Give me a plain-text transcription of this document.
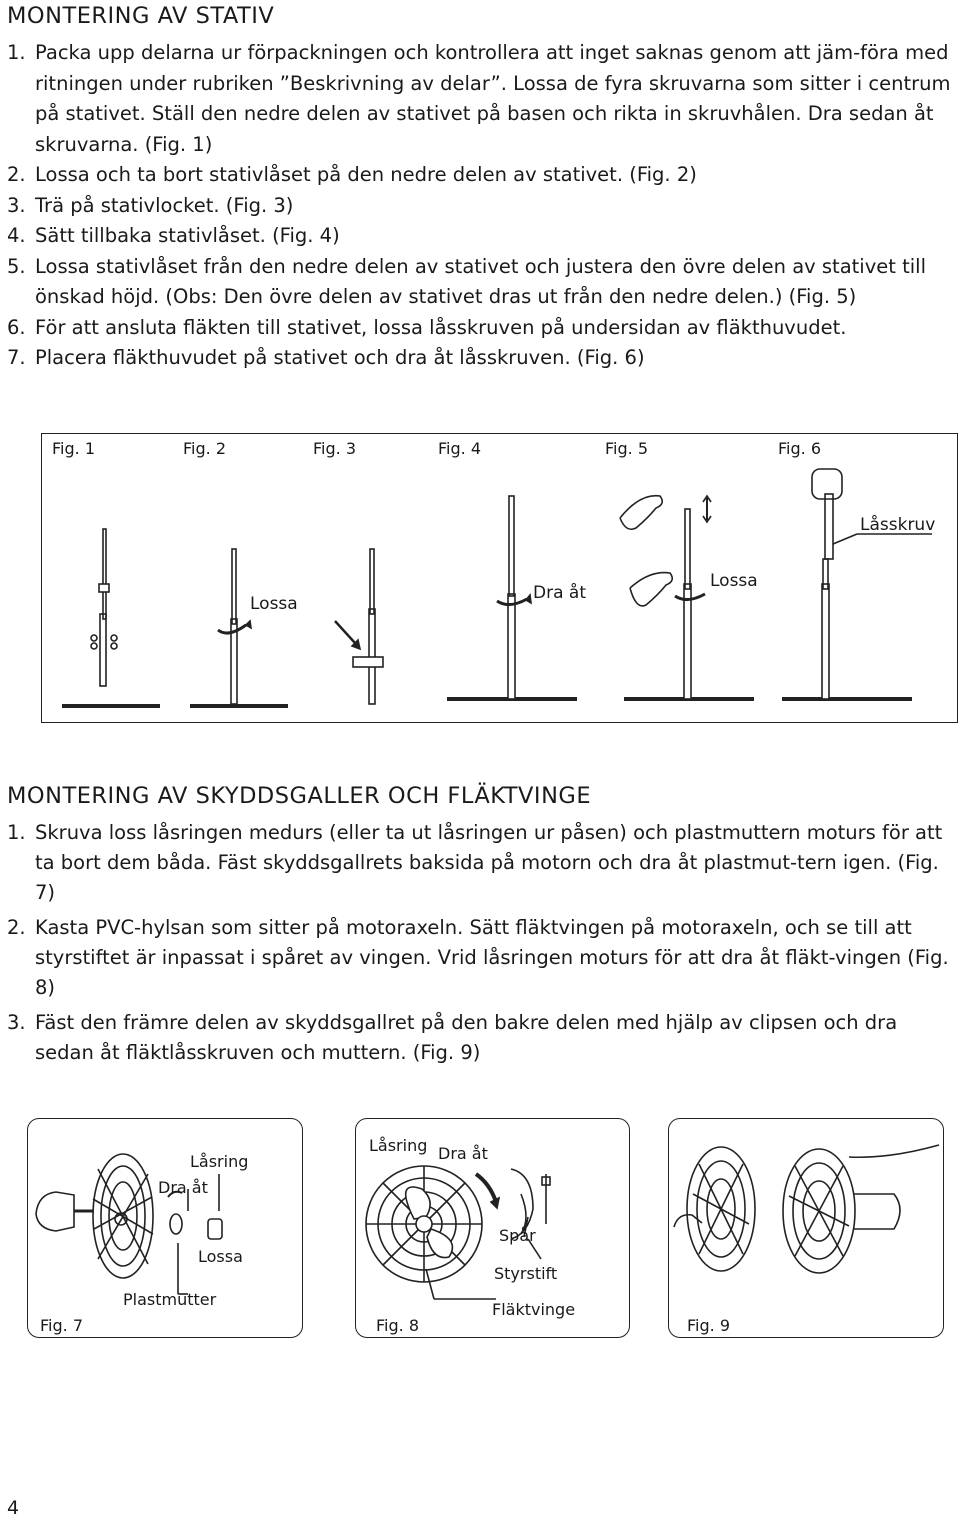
MONTERING AV STATIV
1. Packa upp delarna ur förpackningen och kontrollera att inget saknas genom att jäm-föra med ritningen under rubriken ”Beskrivning av delar”. Lossa de fyra skruvarna som sitter i centrum på stativet. Ställ den nedre delen av stativet på basen och rikta in skruvhålen. Dra sedan åt skruvarna. (Fig. 1)
2. Lossa och ta bort stativlåset på den nedre delen av stativet. (Fig. 2)
3. Trä på stativlocket. (Fig. 3)
4. Sätt tillbaka stativlåset. (Fig. 4)
5. Lossa stativlåset från den nedre delen av stativet och justera den övre delen av stativet till önskad höjd. (Obs: Den övre delen av stativet dras ut från den nedre delen.) (Fig. 5)
6. För att ansluta fläkten till stativet, lossa låsskruven på undersidan av fläkthuvudet.
7. Placera fläkthuvudet på stativet och dra åt låsskruven. (Fig. 6)
Fig. 1	Fig. 2	Fig. 3	Fig. 4	Fig. 5	Fig. 6
Lossa
Dra åt
Lossa
Låsskruv
MONTERING AV SKYDDSGALLER OCH FLÄKTVINGE
1. Skruva loss låsringen medurs (eller ta ut låsringen ur påsen) och plastmuttern moturs för att ta bort dem båda. Fäst skyddsgallrets baksida på motorn och dra åt plastmut-tern igen. (Fig. 7)
2. Kasta PVC-hylsan som sitter på motoraxeln. Sätt fläktvingen på motoraxeln, och se till att styrstiftet är inpassat i spåret av vingen. Vrid låsringen moturs för att dra åt fläkt-vingen (Fig. 8)
3. Fäst den främre delen av skyddsgallret på den bakre delen med hjälp av clipsen och dra sedan åt fläktlåsskruven och muttern. (Fig. 9)
Låsring
Dra åt
Lossa
Plastmutter
Fig. 7
Låsring Dra åt
Spår
Styrstift
Fläktvinge
Fig. 8	Fig. 9
4
